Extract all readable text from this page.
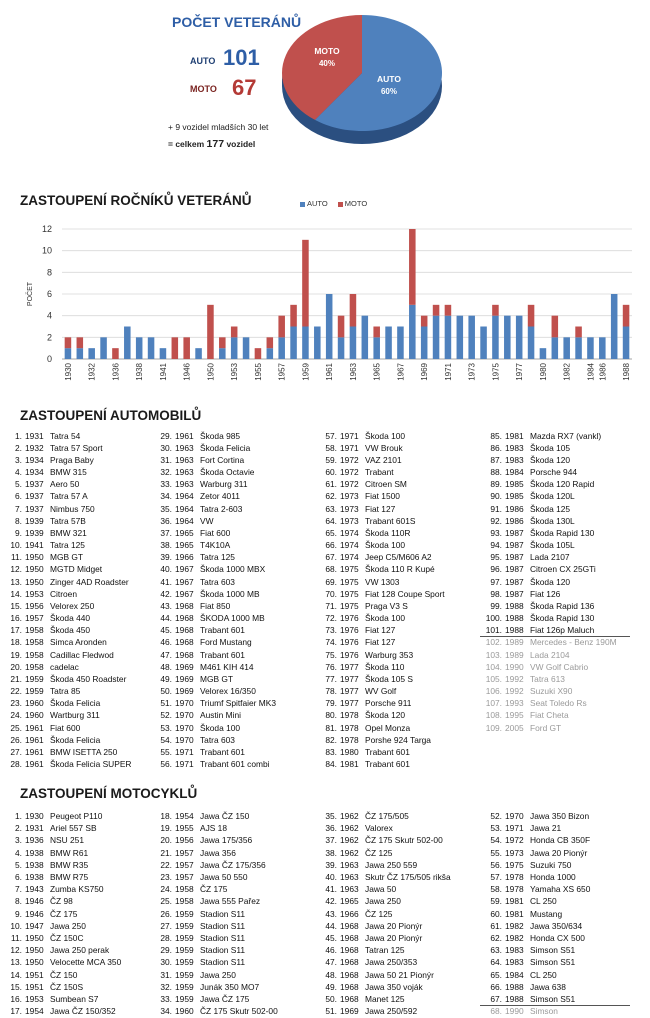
POČET VETERÁNŮ
AUTO 101
MOTO 67
+ 9 vozidel mladších 30 let
= celkem 177 vozidel
MOTO
40%
AUTO
60%
ZASTOUPENÍ ROČNÍKŮ VETERÁNŮ	AUTO MOTO
0
2
4
6
8
10
12
POČET
1930 1932 1936 1938 1941 1946 1950 1953 1955 1957 1959 1961 1963 1965 1967 1969 1971 1973 1975 1977 1980 1982 1984 1986 1988
ZASTOUPENÍ AUTOMOBILŮ
1. 1931 Tatra 54
2. 1932 Tatra 57 Sport
3. 1934 Praga Baby
4. 1934 BMW 315
5. 1937 Aero 50
6. 1937 Tatra 57 A
7. 1937 Nimbus 750
8. 1939 Tatra 57B
9. 1939 BMW 321
10. 1941 Tatra 125
11. 1950 MGB GT
12. 1950 MGTD Midget
13. 1950 Zinger 4AD Roadster
14. 1953 Citroen
15. 1956 Velorex 250
16. 1957 Škoda 440
17. 1958 Škoda 450
18. 1958 Simca Aronden
19. 1958 Cadillac Fledwod
20. 1958 cadelac
21. 1959 Škoda 450 Roadster
22. 1959 Tatra 85
23. 1960 Škoda Felicia
24. 1960 Wartburg 311
25. 1961 Fiat 600
26. 1961 Škoda Felicia
27. 1961 BMW ISETTA 250
28. 1961 Škoda Felicia SUPER
29. 1961 Škoda 985
30. 1963 Škoda Felicia
31. 1963 Fort Cortina
32. 1963 Škoda Octavie
33. 1963 Warburg 311
34. 1964 Zetor 4011
35. 1964 Tatra 2-603
36. 1964 VW
37. 1965 Fiat 600
38. 1965 T4K10A
39. 1966 Tatra 125
40. 1967 Škoda 1000 MBX
41. 1967 Tatra 603
42. 1967 Škoda 1000 MB
43. 1968 Fiat 850
44. 1968 ŠKODA 1000 MB
45. 1968 Trabant 601
46. 1968 Ford Mustang
47. 1968 Trabant 601
48. 1969 M461 KIH 414
49. 1969 MGB GT
50. 1969 Velorex 16/350
51. 1970 Triumf Spitfaier MK3
52. 1970 Austin Mini
53. 1970 Škoda 100
54. 1970 Tatra 603
55. 1971 Trabant 601
56. 1971 Trabant 601 combi
57. 1971 Škoda 100
58. 1971 VW Brouk
59. 1972 VAZ 2101
60. 1972 Trabant
61. 1972 Citroen SM
62. 1973 Fiat 1500
63. 1973 Fiat 127
64. 1973 Trabant 601S
65. 1974 Škoda 110R
66. 1974 Škoda 100
67. 1974 Jeep C5/M606 A2
68. 1975 Škoda 110 R Kupé
69. 1975 VW 1303
70. 1975 Fiat 128 Coupe Sport
71. 1975 Praga V3 S
72. 1976 Škoda 100
73. 1976 Fiat 127
74. 1976 Fiat 127
75. 1976 Warburg 353
76. 1977 Škoda 110
77. 1977 Škoda 105 S
78. 1977 WV Golf
79. 1977 Porsche 911
80. 1978 Škoda 120
81. 1978 Opel Monza
82. 1978 Porshe 924 Targa
83. 1980 Trabant 601
84. 1981 Trabant 601
85. 1981 Mazda RX7 (vankl)
86. 1983 Škoda 105
87. 1983 Škoda 120
88. 1984 Porsche 944
89. 1985 Škoda 120 Rapid
90. 1985 Škoda 120L
91. 1986 Škoda 125
92. 1986 Škoda 130L
93. 1987 Škoda Rapid 130
94. 1987 Škoda 105L
95. 1987 Lada 2107
96. 1987 Citroen CX 25GTi
97. 1987 Škoda 120
98. 1987 Fiat 126
99. 1988 Škoda Rapid 136
100. 1988 Škoda Rapid 130
101. 1988 Fiat 126p Maluch
102. 1989 Mercedes - Benz 190M
103. 1989 Lada 2104
104. 1990 VW Golf Cabrio
105. 1992 Tatra 613
106. 1992 Suzuki X90
107. 1993 Seat Toledo Rs
108. 1995 Fiat Cheta
109. 2005 Ford GT
ZASTOUPENÍ MOTOCYKLŮ
1. 1930 Peugeot P110
2. 1931 Ariel 557 SB
3. 1936 NSU 251
4. 1938 BMW R61
5. 1938 BMW R35
6. 1938 BMW R75
7. 1943 Zumba KS750
8. 1946 ČZ 98
9. 1946 ČZ 175
10. 1947 Jawa 250
11. 1950 ČZ 150C
12. 1950 Jawa 250 perak
13. 1950 Velocette MCA 350
14. 1951 ČZ 150
15. 1951 ČZ 150S
16. 1953 Sumbean S7
17. 1954 Jawa ČZ 150/352
18. 1954 Jawa ČZ 150
19. 1955 AJS 18
20. 1956 Jawa 175/356
21. 1957 Jawa 356
22. 1957 Jawa ČZ 175/356
23. 1957 Jawa 50 550
24. 1958 ČZ 175
25. 1958 Jawa 555 Pařez
26. 1959 Stadion S11
27. 1959 Stadion S11
28. 1959 Stadion S11
29. 1959 Stadion S11
30. 1959 Stadion S11
31. 1959 Jawa 250
32. 1959 Junák 350 MO7
33. 1959 Jawa ČZ 175
34. 1960 ČZ 175 Skutr 502-00
35. 1962 ČZ 175/505
36. 1962 Valorex
37. 1962 ČZ 175 Skutr 502-00
38. 1962 ČZ 125
39. 1963 Jawa 250 559
40. 1963 Skutr ČZ 175/505 rikša
41. 1963 Jawa 50
42. 1965 Jawa 250
43. 1966 ČZ 125
44. 1968 Jawa 20 Pionýr
45. 1968 Jawa 20 Pionýr
46. 1968 Tatran 125
47. 1968 Jawa 250/353
48. 1968 Jawa 50 21 Pionýr
49. 1968 Jawa 350 voják
50. 1968 Manet 125
51. 1969 Jawa 250/592
52. 1970 Jawa 350 Bizon
53. 1971 Jawa 21
54. 1972 Honda CB 350F
55. 1973 Jawa 20 Pionýr
56. 1975 Suzuki 750
57. 1978 Honda 1000
58. 1978 Yamaha XS 650
59. 1981 CL 250
60. 1981 Mustang
61. 1982 Jawa 350/634
62. 1982 Honda CX 500
63. 1983 Simson S51
64. 1983 Simson S51
65. 1984 CL 250
66. 1988 Jawa 638
67. 1988 Simson S51
68. 1990 Simson
